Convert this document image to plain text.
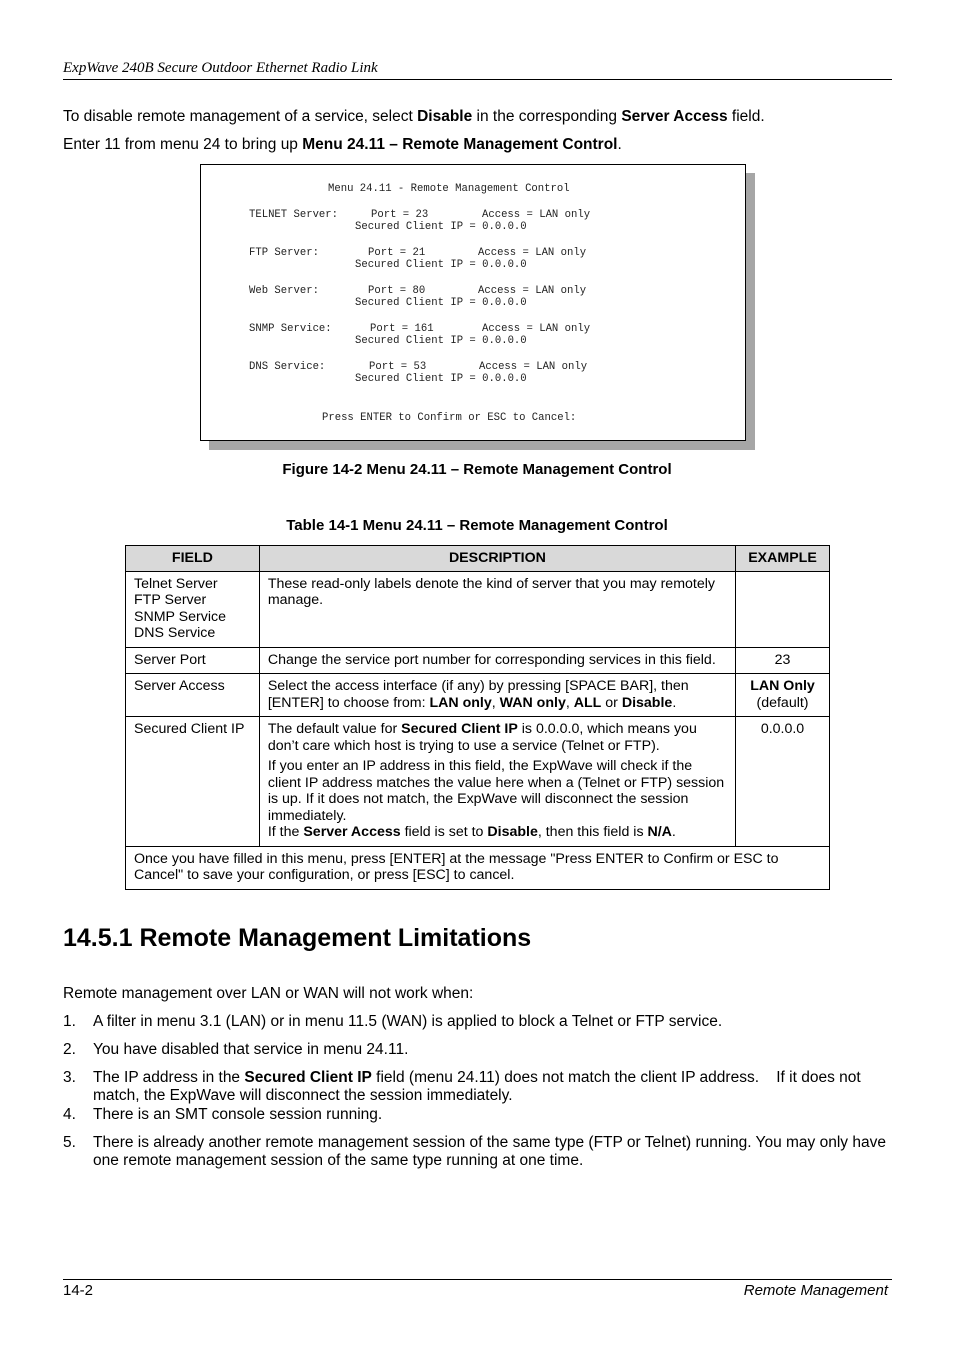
ExpWave 240B Secure Outdoor Ethernet Radio Link
To disable remote management of a service, select Disable in the corresponding Server Access field.
Enter 11 from menu 24 to bring up Menu 24.11 – Remote Management Control.
Menu 24.11 - Remote Management Control
TELNET Server:	Port = 23	Access = LAN only
Secured Client IP = 0.0.0.0
FTP Server:	Port = 21	Access = LAN only
Secured Client IP = 0.0.0.0
Web Server:	Port = 80	Access = LAN only
Secured Client IP = 0.0.0.0
SNMP Service:	Port = 161	Access = LAN only
Secured Client IP = 0.0.0.0
DNS Service:	Port = 53	Access = LAN only
Secured Client IP = 0.0.0.0
Press ENTER to Confirm or ESC to Cancel:
Figure 14-2 Menu 24.11 – Remote Management Control
Table 14-1 Menu 24.11 – Remote Management Control
FIELD	DESCRIPTION	EXAMPLE

Telnet Server
FTP Server
SNMP Service
DNS Service	These read-only labels denote the kind of server that you may remotely manage.	
Server Port	Change the service port number for corresponding services in this field.	23
Server Access	Select the access interface (if any) by pressing [SPACE BAR], then [ENTER] to choose from: LAN only, WAN only, ALL or Disable.	LAN Only
(default)

Secured Client IP	The default value for Secured Client IP is 0.0.0.0, which means you don’t care which host is trying to use a service (Telnet or FTP).

If you enter an IP address in this field, the ExpWave will check if the client IP address matches the value here when a (Telnet or FTP) session is up. If it does not match, the ExpWave will disconnect the session immediately.

If the Server Access field is set to Disable, then this field is N/A.	0.0.0.0
Once you have filled in this menu, press [ENTER] at the message "Press ENTER to Confirm or ESC to Cancel" to save your configuration, or press [ESC] to cancel.		
14.5.1 Remote Management Limitations
Remote management over LAN or WAN will not work when:
1. A filter in menu 3.1 (LAN) or in menu 11.5 (WAN) is applied to block a Telnet or FTP service.
2. You have disabled that service in menu 24.11.
3. The IP address in the Secured Client IP field (menu 24.11) does not match the client IP address.    If it does not match, the ExpWave will disconnect the session immediately.
4. There is an SMT console session running.
5. There is already another remote management session of the same type (FTP or Telnet) running. You may only have one remote management session of the same type running at one time.
14-2	Remote Management
